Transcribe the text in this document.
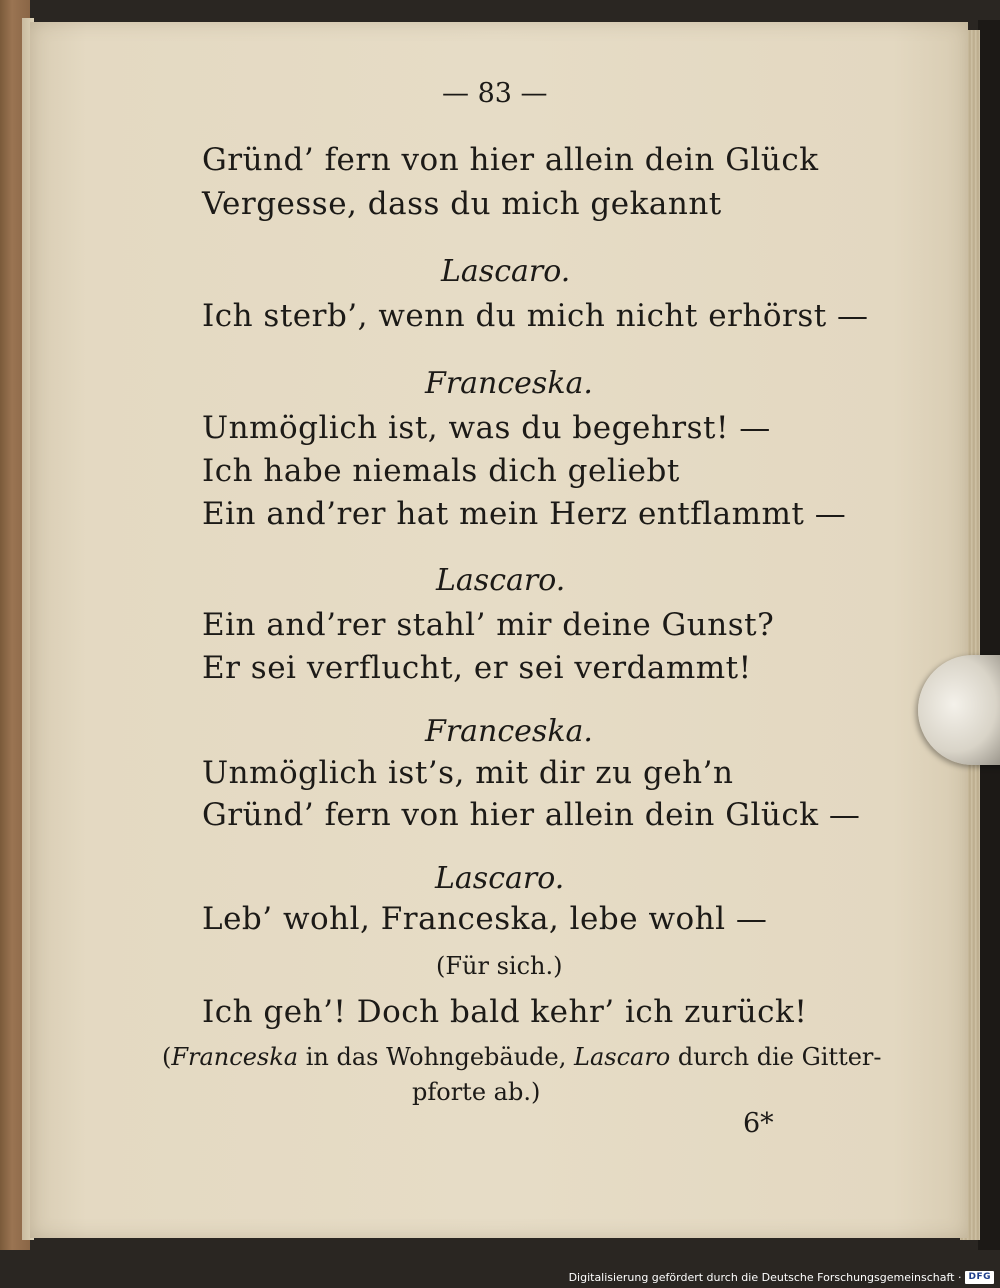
— 83 —
Gründ’ fern von hier allein dein Glück
Vergesse, dass du mich gekannt
Lascaro.
Ich sterb’, wenn du mich nicht erhörst —
Franceska.
Unmöglich ist, was du begehrst! —
Ich habe niemals dich geliebt
Ein and’rer hat mein Herz entflammt —
Lascaro.
Ein and’rer stahl’ mir deine Gunst?
Er sei verflucht, er sei verdammt!
Franceska.
Unmöglich ist’s, mit dir zu geh’n
Gründ’ fern von hier allein dein Glück —
Lascaro.
Leb’ wohl, Franceska, lebe wohl —
(Für sich.)
Ich geh’! Doch bald kehr’ ich zurück!
(Franceska in das Wohngebäude, Lascaro durch die Gitter-
pforte ab.)
6*
Digitalisierung gefördert durch die Deutsche Forschungsgemeinschaft · DFG
